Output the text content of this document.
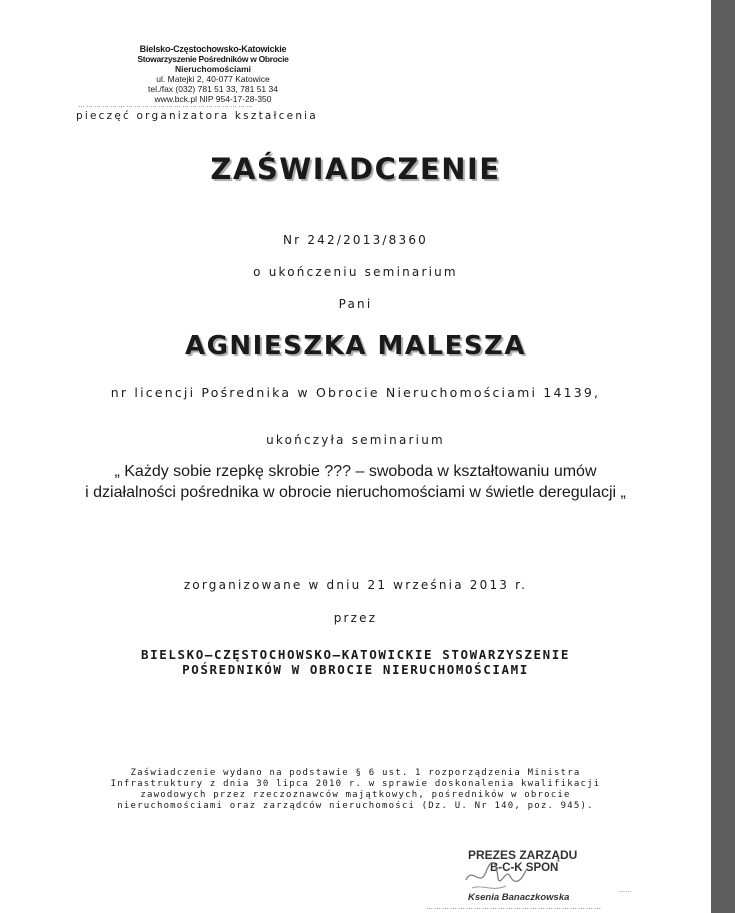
Bielsko-Częstochowsko-Katowickie
Stowarzyszenie Pośredników w Obrocie
Nieruchomościami
ul. Matejki 2, 40-077 Katowice
tel./fax (032) 781 51 33, 781 51 34
www.bck.pl NIP 954-17-28-350
…………………………………………………………
pieczęć organizatora kształcenia
ZAŚWIADCZENIE
Nr 242/2013/8360
o ukończeniu seminarium
Pani
AGNIESZKA MALESZA
nr licencji Pośrednika w Obrocie Nieruchomościami 14139,
ukończyła seminarium
„ Każdy sobie rzepkę skrobie ??? – swoboda w kształtowaniu umów
i działalności pośrednika w obrocie nieruchomościami w świetle deregulacji „
zorganizowane w dniu 21 września 2013 r.
przez
BIELSKO–CZĘSTOCHOWSKO–KATOWICKIE STOWARZYSZENIE
POŚREDNIKÓW W OBROCIE NIERUCHOMOŚCIAMI
Zaświadczenie wydano na podstawie § 6 ust. 1 rozporządzenia Ministra
Infrastruktury z dnia 30 lipca 2010 r. w sprawie doskonalenia kwalifikacji
zawodowych przez rzeczoznawców majątkowych, pośredników w obrocie
nieruchomościami oraz zarządców nieruchomości (Dz. U. Nr 140, poz. 945).
PREZES ZARZĄDU
B-C-K SPON
Ksenia Banaczkowska
……
…………………………………………………………
